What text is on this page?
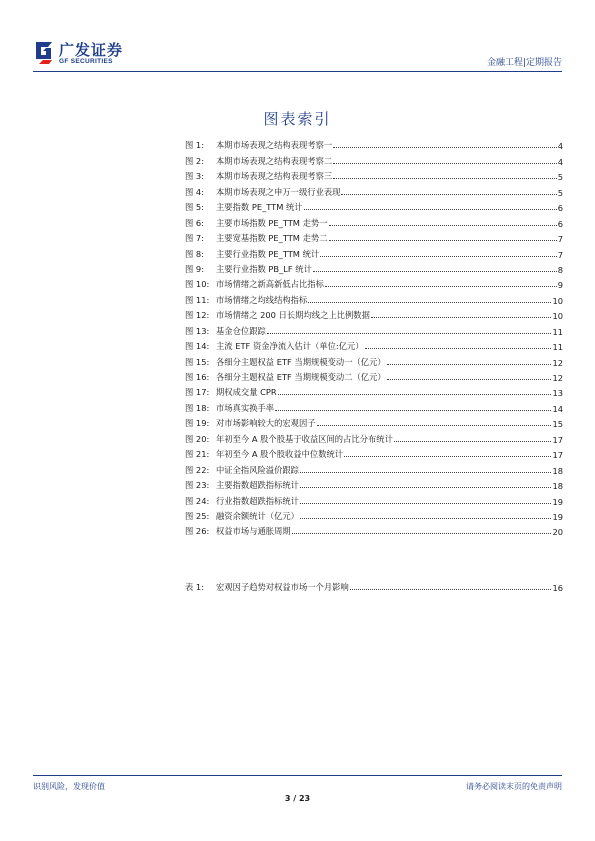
广发证券
GF SECURITIES	金融工程|定期报告
图表索引
图 1:	本期市场表现之结构表现考察一	4
图 2:	本期市场表现之结构表现考察二	4
图 3:	本期市场表现之结构表现考察三	5
图 4:	本期市场表现之申万一级行业表现	5
图 5:	主要指数 PE_TTM 统计	6
图 6:	主要市场指数 PE_TTM 走势一	6
图 7:	主要宽基指数 PE_TTM 走势二	7
图 8:	主要行业指数 PE_TTM 统计	7
图 9:	主要行业指数 PB_LF 统计	8
图 10: 市场情绪之新高新低占比指标	9
图 11: 市场情绪之均线结构指标	10
图 12: 市场情绪之 200 日长期均线之上比例数据	10
图 13: 基金仓位跟踪	11
图 14: 主流 ETF 资金净流入估计（单位:亿元）	11
图 15: 各细分主题权益 ETF 当期规模变动一（亿元）	12
图 16: 各细分主题权益 ETF 当期规模变动二（亿元）	12
图 17: 期权成交量 CPR	13
图 18: 市场真实换手率	14
图 19: 对市场影响较大的宏观因子	15
图 20: 年初至今 A 股个股基于收益区间的占比分布统计	17
图 21: 年初至今 A 股个股收益中位数统计	17
图 22: 中证全指风险溢价跟踪	18
图 23: 主要指数超跌指标统计	18
图 24: 行业指数超跌指标统计	19
图 25: 融资余额统计（亿元）	19
图 26: 权益市场与通胀周期	20
表 1:	宏观因子趋势对权益市场一个月影响	16
识别风险，发现价值	请务必阅读末页的免责声明
3 / 23
